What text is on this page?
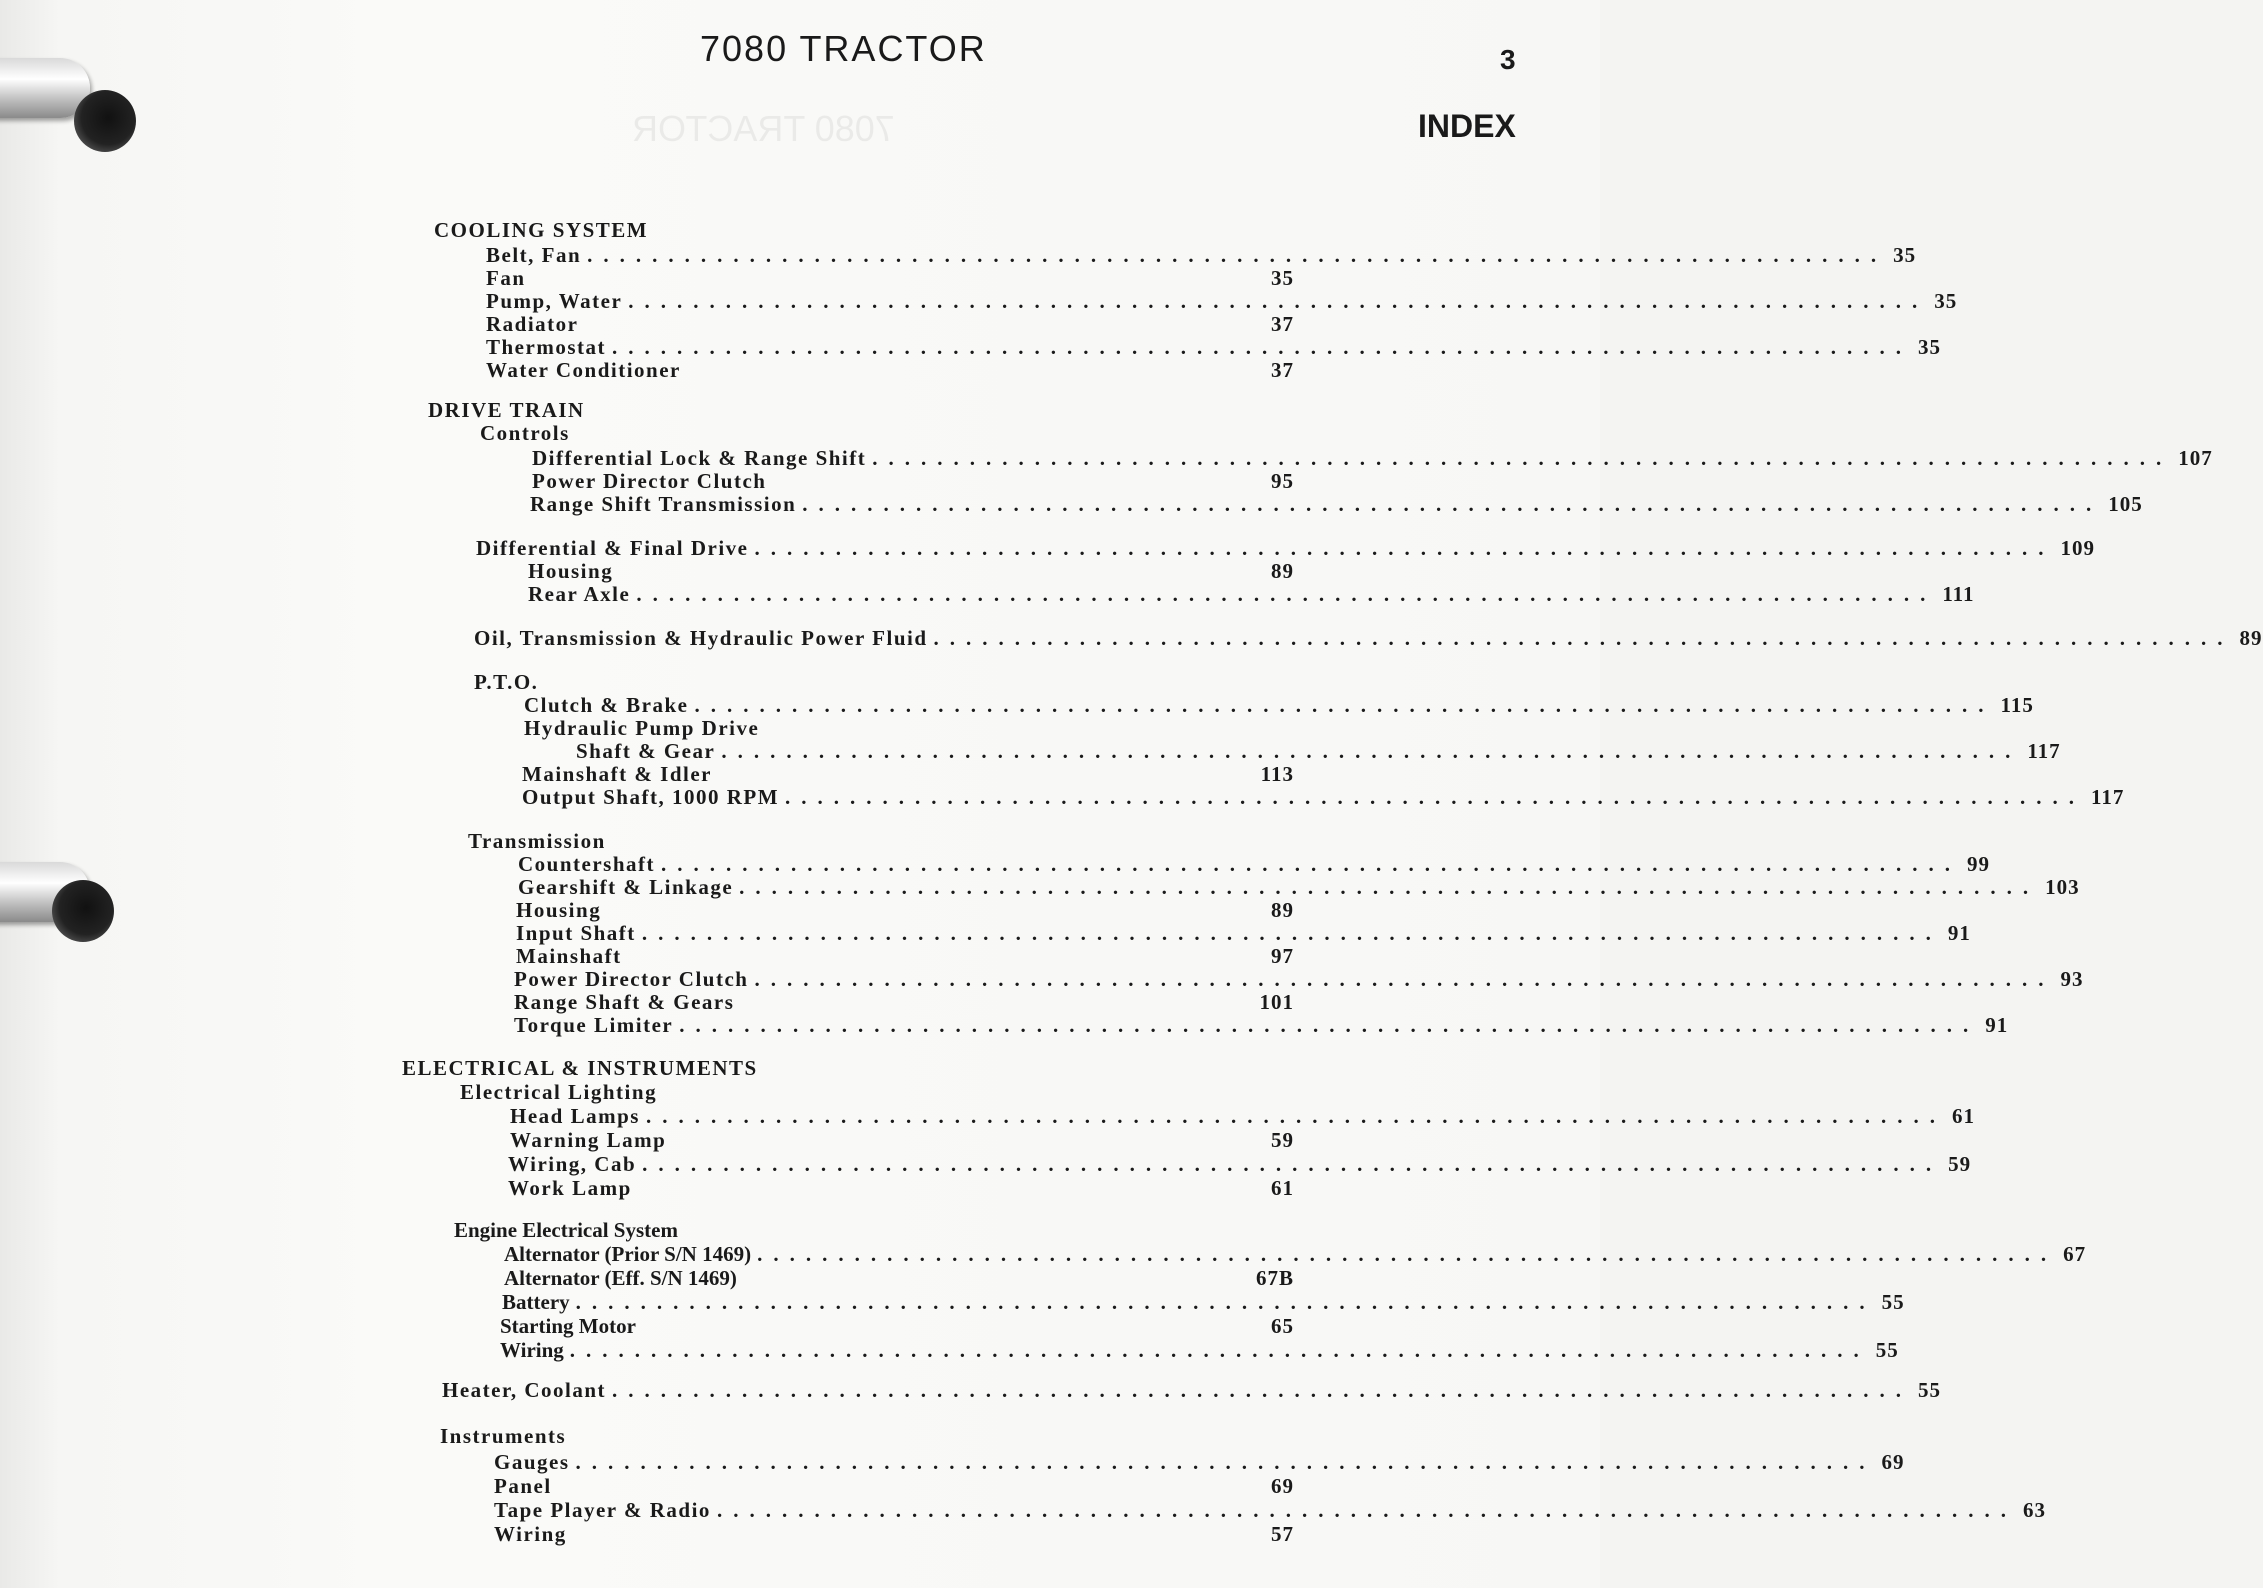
7080 TRACTOR
7080 TRACTOR	3
INDEX
COOLING SYSTEM
Belt, Fan ................................................................................ 35
Fan	35
Pump, Water ................................................................................ 35
Radiator	37
Thermostat ................................................................................ 35
Water Conditioner	37
DRIVE TRAIN
Controls
Differential Lock & Range Shift ................................................................................ 107
Power Director Clutch	95
Range Shift Transmission ................................................................................ 105
Differential & Final Drive ................................................................................ 109
Housing	89
Rear Axle ................................................................................ 111
Oil, Transmission & Hydraulic Power Fluid ................................................................................ 89
P.T.O.
Clutch & Brake ................................................................................ 115
Hydraulic Pump Drive
Shaft & Gear ................................................................................ 117
Mainshaft & Idler	113
Output Shaft, 1000 RPM ................................................................................ 117
Transmission
Countershaft ................................................................................ 99
Gearshift & Linkage ................................................................................ 103
Housing	89
Input Shaft ................................................................................ 91
Mainshaft	97
Power Director Clutch ................................................................................ 93
Range Shaft & Gears	101
Torque Limiter ................................................................................ 91
ELECTRICAL & INSTRUMENTS
Electrical Lighting
Head Lamps ................................................................................ 61
Warning Lamp	59
Wiring, Cab ................................................................................ 59
Work Lamp	61
Engine Electrical System
Alternator (Prior S/N 1469) ................................................................................ 67
Alternator (Eff. S/N 1469)	67B
Battery ................................................................................ 55
Starting Motor	65
Wiring ................................................................................ 55
Heater, Coolant ................................................................................ 55
Instruments
Gauges ................................................................................ 69
Panel	69
Tape Player & Radio ................................................................................ 63
Wiring	57
